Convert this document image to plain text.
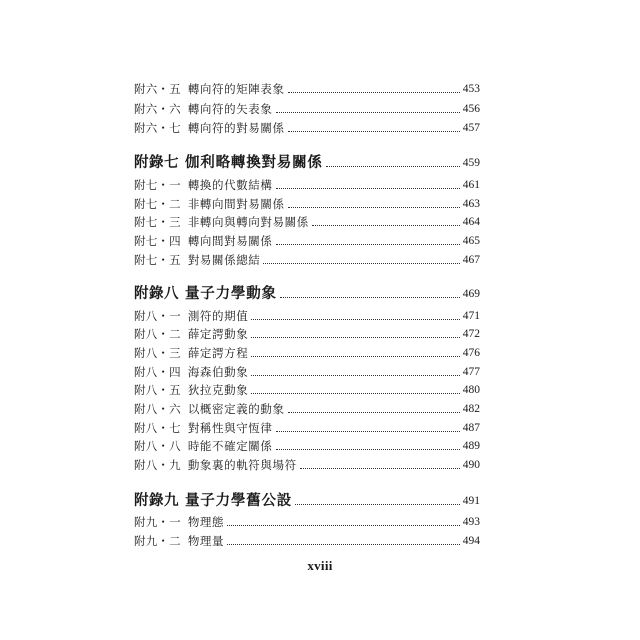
附六・五 轉向符的矩陣表象	453
附六・六 轉向符的矢表象	456
附六・七 轉向符的對易關係	457
附錄七 伽利略轉換對易關係	459
附七・一 轉換的代數結構	461
附七・二 非轉向間對易關係	463
附七・三 非轉向與轉向對易關係	464
附七・四 轉向間對易關係	465
附七・五 對易關係總結	467
附錄八 量子力學動象	469
附八・一 測符的期值	471
附八・二 薛定諤動象	472
附八・三 薛定諤方程	476
附八・四 海森伯動象	477
附八・五 狄拉克動象	480
附八・六 以概密定義的動象	482
附八・七 對稱性與守恆律	487
附八・八 時能不確定關係	489
附八・九 動象裏的軌符與場符	490
附錄九 量子力學舊公設	491
附九・一 物理態	493
附九・二 物理量	494
xviii
